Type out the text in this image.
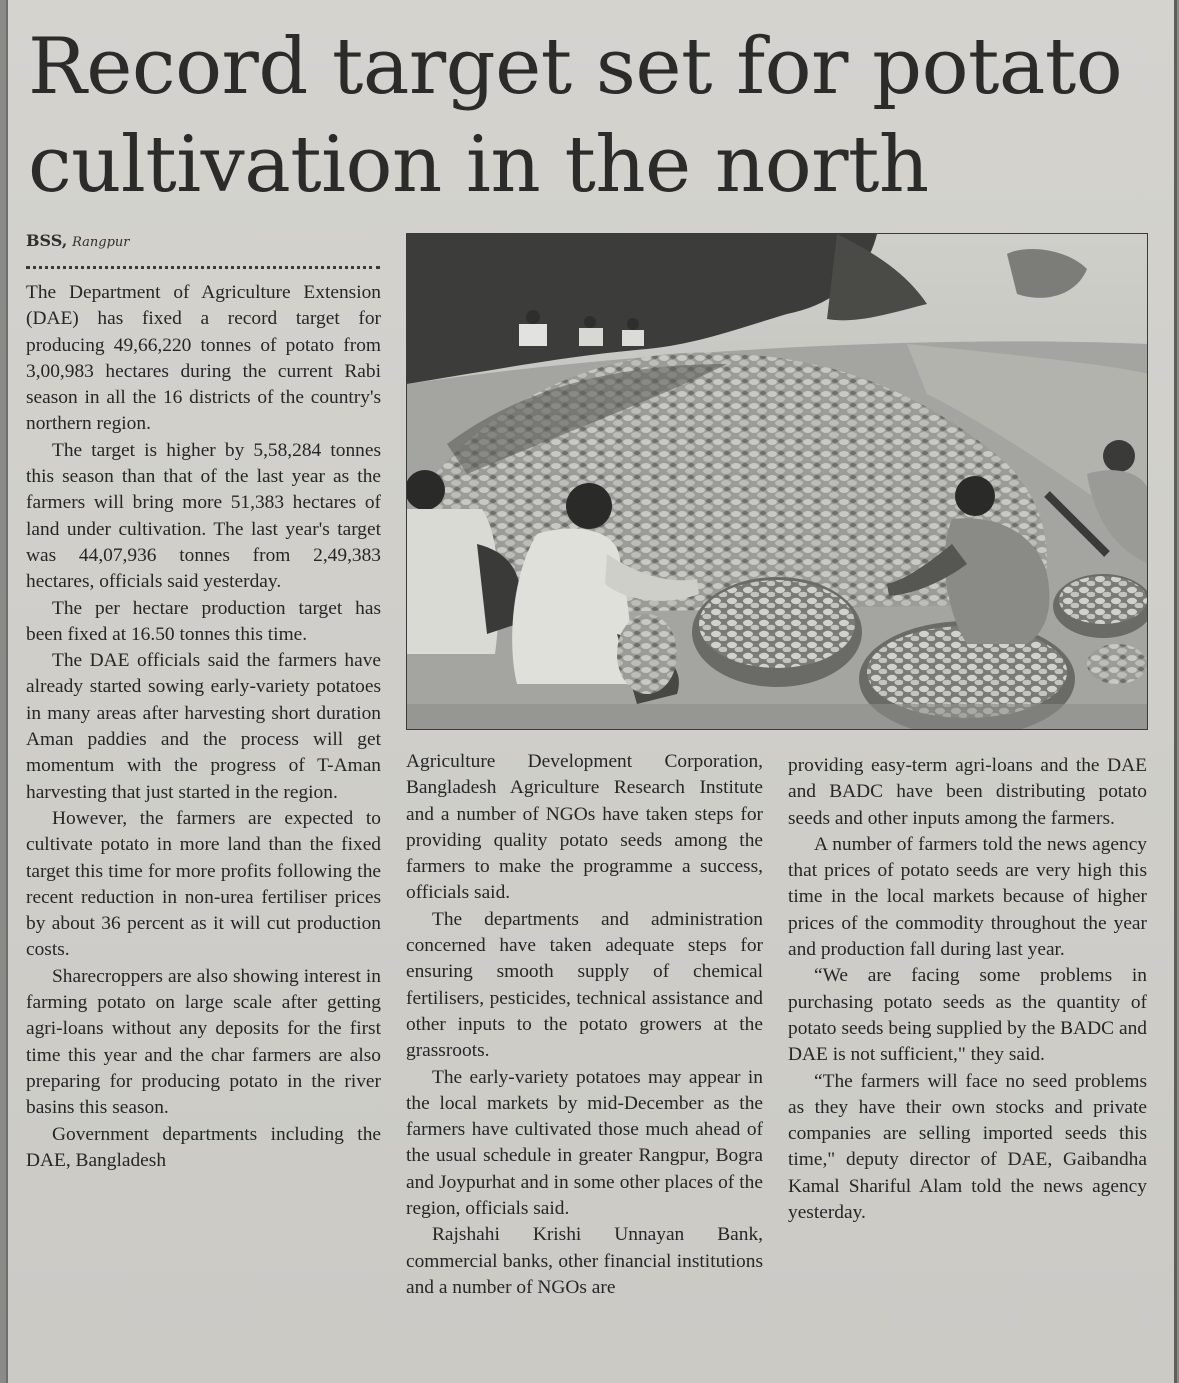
Record target set for potato cultivation in the north
BSS, Rangpur

The Department of Agriculture Extension (DAE) has fixed a record target for producing 49,66,220 tonnes of potato from 3,00,983 hectares during the current Rabi season in all the 16 districts of the country's northern region.

The target is higher by 5,58,284 tonnes this season than that of the last year as the farmers will bring more 51,383 hectares of land under cultivation. The last year's target was 44,07,936 tonnes from 2,49,383 hectares, officials said yesterday.

The per hectare production target has been fixed at 16.50 tonnes this time.

The DAE officials said the farmers have already started sowing early-variety potatoes in many areas after harvesting short duration Aman paddies and the process will get momentum with the progress of T-Aman harvesting that just started in the region.

However, the farmers are expected to cultivate potato in more land than the fixed target this time for more profits following the recent reduction in non-urea fertiliser prices by about 36 percent as it will cut production costs.

Sharecroppers are also showing interest in farming potato on large scale after getting agri-loans without any deposits for the first time this year and the char farmers are also preparing for producing potato in the river basins this season.

Government departments including the DAE, Bangladesh

Agriculture Development Corporation, Bangladesh Agriculture Research Institute and a number of NGOs have taken steps for providing quality potato seeds among the farmers to make the programme a success, officials said.

The departments and administration concerned have taken adequate steps for ensuring smooth supply of chemical fertilisers, pesticides, technical assistance and other inputs to the potato growers at the grassroots.

The early-variety potatoes may appear in the local markets by mid-December as the farmers have cultivated those much ahead of the usual schedule in greater Rangpur, Bogra and Joypurhat and in some other places of the region, officials said.

Rajshahi Krishi Unnayan Bank, commercial banks, other financial institutions and a number of NGOs are

providing easy-term agri-loans and the DAE and BADC have been distributing potato seeds and other inputs among the farmers.

A number of farmers told the news agency that prices of potato seeds are very high this time in the local markets because of higher prices of the commodity throughout the year and production fall during last year.

“We are facing some problems in purchasing potato seeds as the quantity of potato seeds being supplied by the BADC and DAE is not sufficient," they said.

“The farmers will face no seed problems as they have their own stocks and private companies are selling imported seeds this time," deputy director of DAE, Gaibandha Kamal Shariful Alam told the news agency yesterday.
